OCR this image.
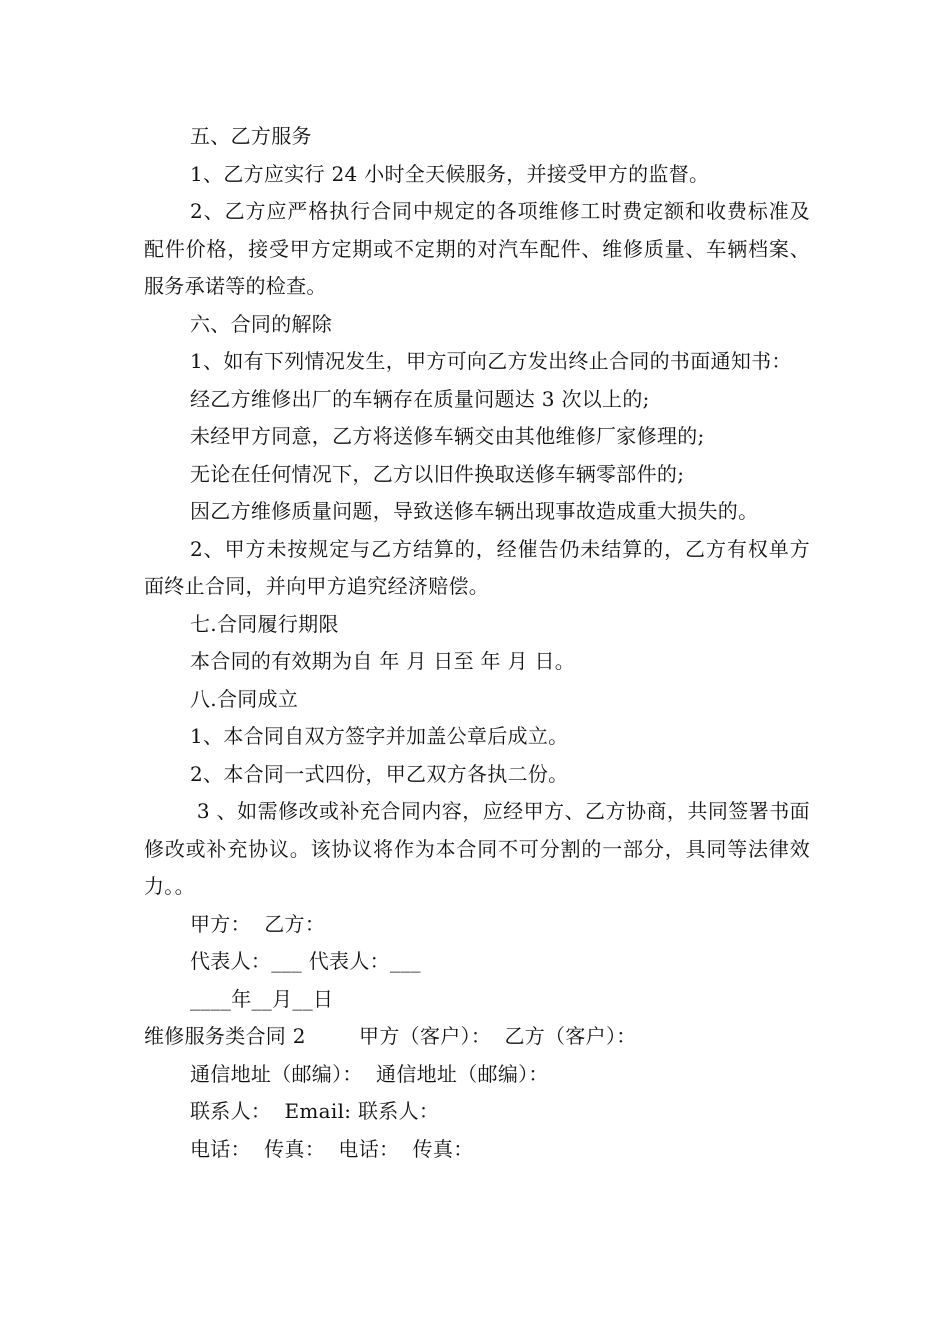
五、乙方服务

1、乙方应实行 24 小时全天候服务，并接受甲方的监督。

2、乙方应严格执行合同中规定的各项维修工时费定额和收费标准及配件价格，接受甲方定期或不定期的对汽车配件、维修质量、车辆档案、服务承诺等的检查。

六、合同的解除

1、如有下列情况发生，甲方可向乙方发出终止合同的书面通知书：

经乙方维修出厂的车辆存在质量问题达 3 次以上的;

未经甲方同意，乙方将送修车辆交由其他维修厂家修理的;

无论在任何情况下，乙方以旧件换取送修车辆零部件的;

因乙方维修质量问题，导致送修车辆出现事故造成重大损失的。

2、甲方未按规定与乙方结算的，经催告仍未结算的，乙方有权单方面终止合同，并向甲方追究经济赔偿。

七.合同履行期限

本合同的有效期为自 年 月 日至 年 月 日。

八.合同成立

1、本合同自双方签字并加盖公章后成立。

2、本合同一式四份，甲乙双方各执二份。

3 、如需修改或补充合同内容，应经甲方、乙方协商，共同签署书面修改或补充协议。该协议将作为本合同不可分割的一部分，具同等法律效力。。

甲方：  乙方：

代表人：___ 代表人：___

____年__月__日

维修服务类合同 2        甲方（客户）：  乙方（客户）：

通信地址（邮编）：  通信地址（邮编）：

联系人：  Email: 联系人：

电话：  传真：  电话：  传真：
